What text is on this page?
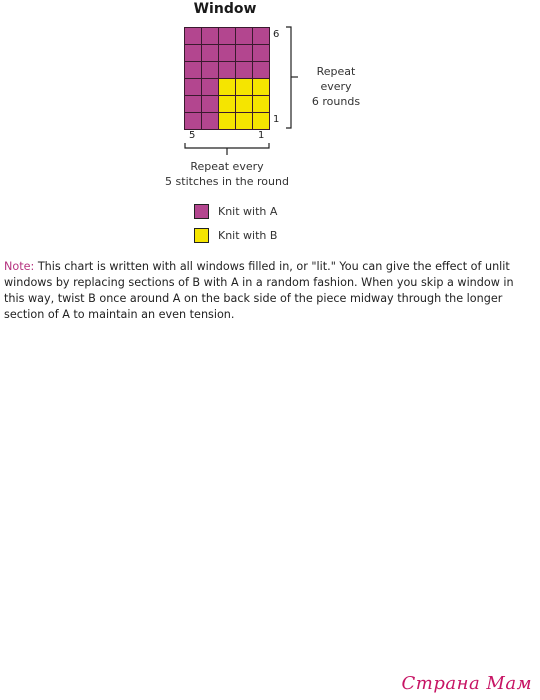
Window
6
1
5	1
Repeat every
6 rounds
Repeat every
5 stitches in the round
Knit with A
Knit with B
Note: This chart is written with all windows filled in, or "lit." You can give the effect of unlit windows by replacing sections of B with A in a random fashion. When you skip a window in this way, twist B once around A on the back side of the piece midway through the longer section of A to maintain an even tension.
Страна Мам
